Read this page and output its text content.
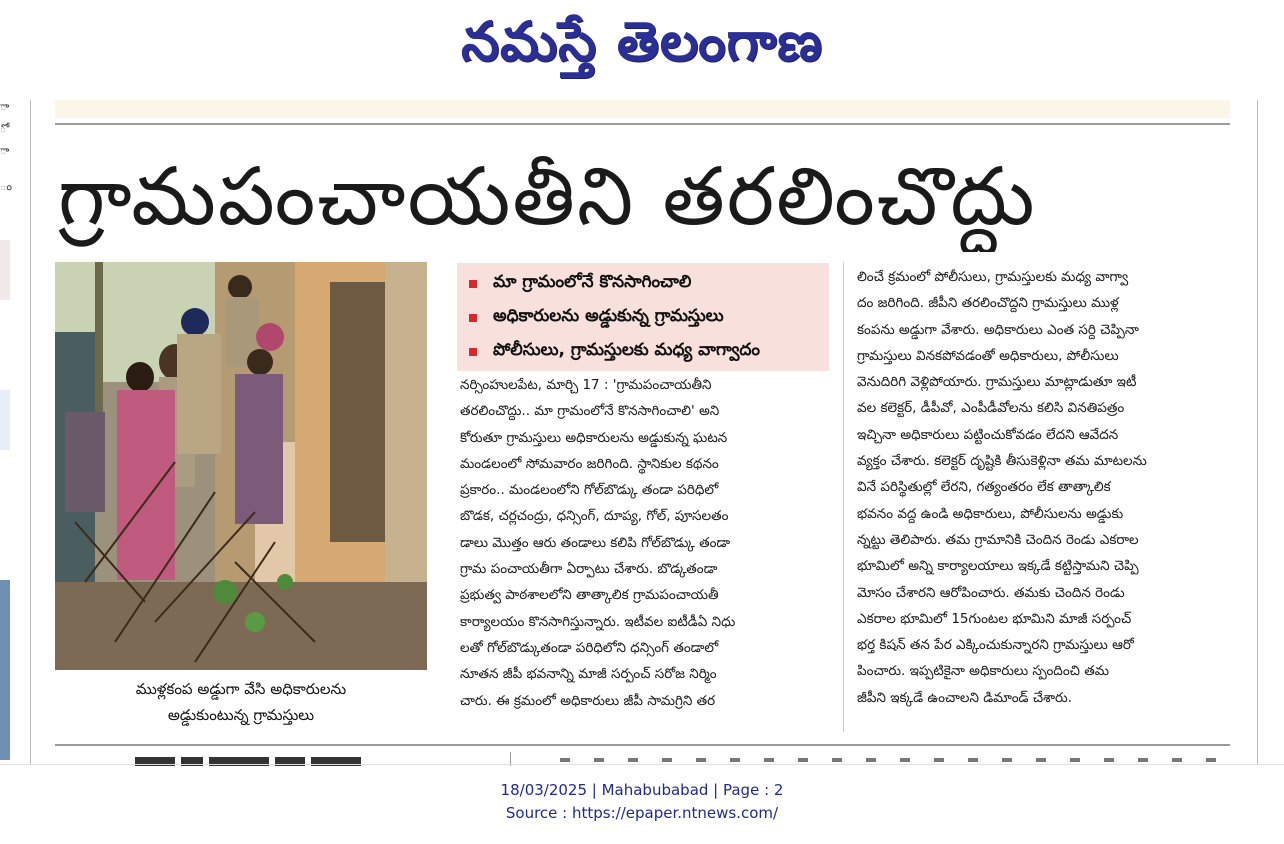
నమస్తే తెలంగాణ
ా
ో
ా
ం గ్రామపంచాయతీని తరలించొద్దు
ముళ్లకంప అడ్డుగా వేసి అధికారులను
అడ్డుకుంటున్న గ్రామస్తులు
మా గ్రామంలోనే కొనసాగించాలి
అధికారులను అడ్డుకున్న గ్రామస్తులు
పోలీసులు, గ్రామస్తులకు మధ్య వాగ్వాదం
నర్సింహులపేట, మార్చి 17 : 'గ్రామపంచాయతీని
తరలించొద్దు.. మా గ్రామంలోనే కొనసాగించాలి' అని
కోరుతూ గ్రామస్తులు అధికారులను అడ్డుకున్న ఘటన
మండలంలో సోమవారం జరిగింది. స్థానికుల కథనం
ప్రకారం.. మండలంలోని గోల్‌బొడ్కు తండా పరిధిలో
బొడక, చర్లచంద్రు, ధన్సింగ్, దూప్య, గోల్, పూసలతం
డాలు మొత్తం ఆరు తండాలు కలిపి గోల్‌బొడ్కు తండా
గ్రామ పంచాయతీగా ఏర్పాటు చేశారు. బొడ్కతండా
ప్రభుత్వ పాఠశాలలోని తాత్కాలిక గ్రామపంచాయతీ
కార్యాలయం కొనసాగిస్తున్నారు. ఇటీవల ఐటీడీఏ నిధు
లతో గోల్‌బొడ్కుతండా పరిధిలోని ధన్సింగ్ తండాలో
నూతన జీపీ భవనాన్ని మాజీ సర్పంచ్ సరోజ నిర్మిం
చారు. ఈ క్రమంలో అధికారులు జీపీ సామగ్రిని తర
లించే క్రమంలో పోలీసులు, గ్రామస్తులకు మధ్య వాగ్వా
దం జరిగింది. జీపీని తరలించొద్దని గ్రామస్తులు ముళ్ల
కంపను అడ్డుగా వేశారు. అధికారులు ఎంత సర్ది చెప్పినా
గ్రామస్తులు వినకపోవడంతో అధికారులు, పోలీసులు
వెనుదిరిగి వెళ్లిపోయారు. గ్రామస్తులు మాట్లాడుతూ ఇటీ
వల కలెక్టర్, డీపీవో, ఎంపీడీవోలను కలిసి వినతిపత్రం
ఇచ్చినా అధికారులు పట్టించుకోవడం లేదని ఆవేదన
వ్యక్తం చేశారు. కలెక్టర్ దృష్టికి తీసుకెళ్లినా తమ మాటలను
వినే పరిస్థితుల్లో లేరని, గత్యంతరం లేక తాత్కాలిక
భవనం వద్ద ఉండి అధికారులు, పోలీసులను అడ్డుకు
న్నట్టు తెలిపారు. తమ గ్రామానికి చెందిన రెండు ఎకరాల
భూమిలో అన్ని కార్యాలయాలు ఇక్కడే కట్టిస్తామని చెప్పి
మోసం చేశారని ఆరోపించారు. తమకు చెందిన రెండు
ఎకరాల భూమిలో 15గుంటల భూమిని మాజీ సర్పంచ్
భర్త కిషన్ తన పేర ఎక్కించుకున్నారని గ్రామస్తులు ఆరో
పించారు. ఇప్పటికైనా అధికారులు స్పందించి తమ
జీపీని ఇక్కడే ఉంచాలని డిమాండ్ చేశారు.
18/03/2025 | Mahabubabad | Page : 2
Source : https://epaper.ntnews.com/
